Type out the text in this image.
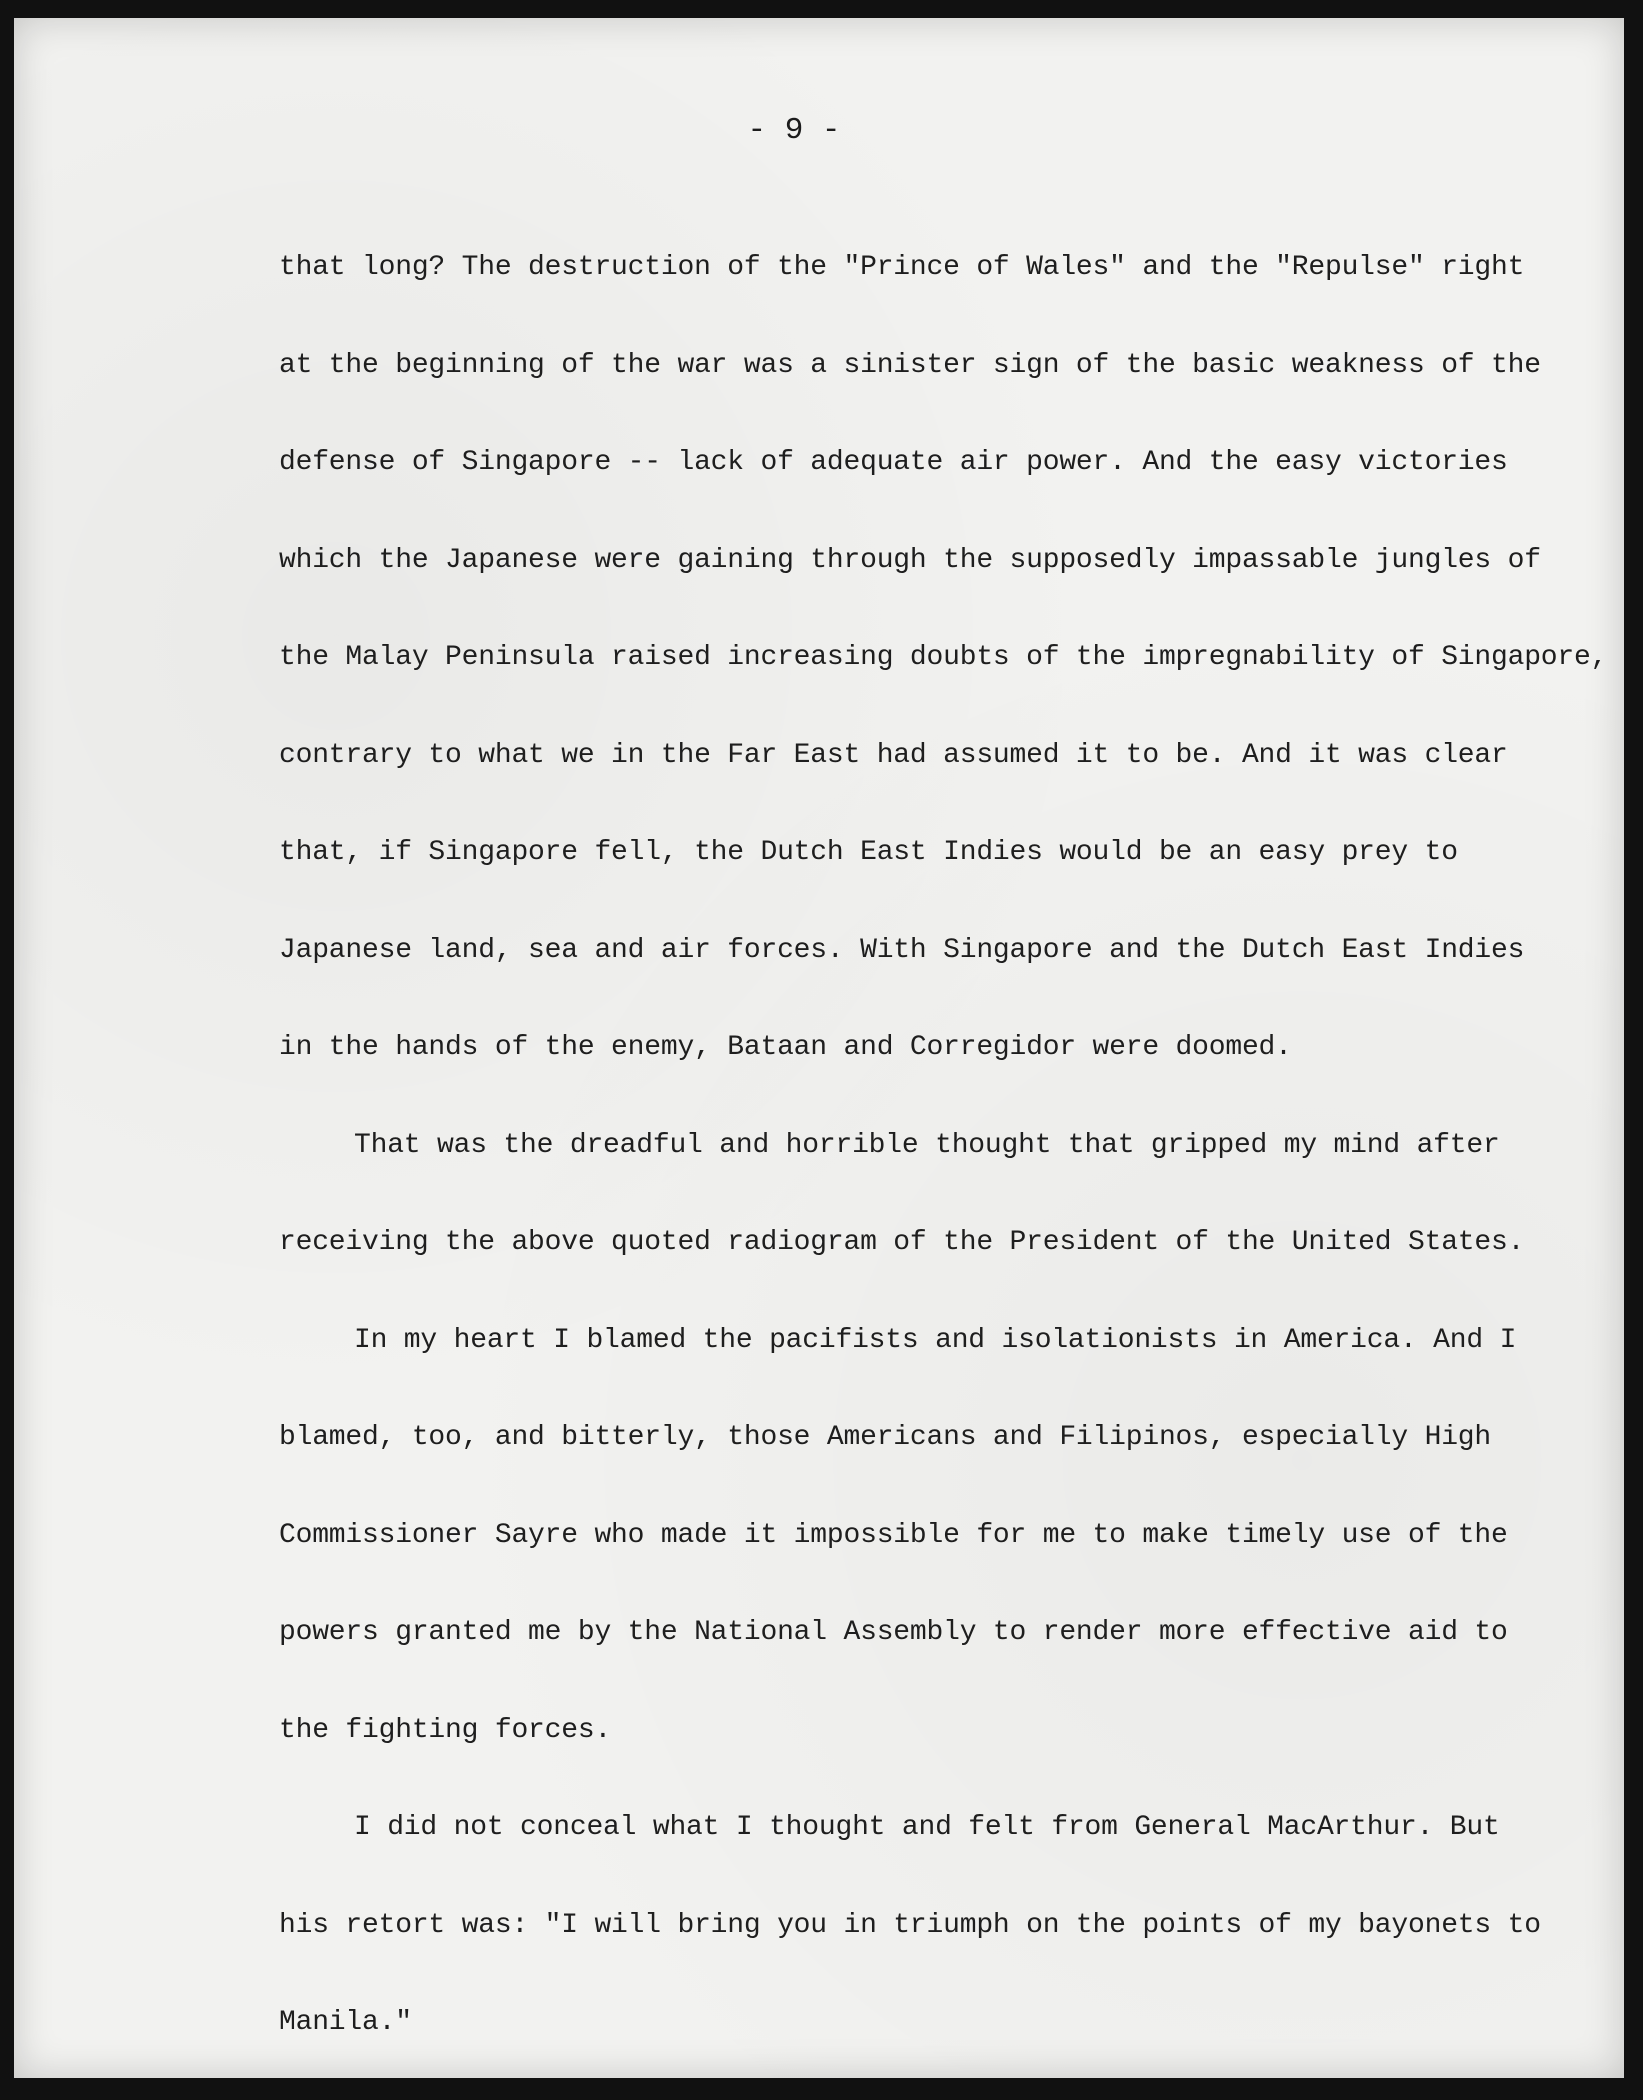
- 9 -
that long? The destruction of the "Prince of Wales" and the "Repulse" right
at the beginning of the war was a sinister sign of the basic weakness of the
defense of Singapore -- lack of adequate air power. And the easy victories
which the Japanese were gaining through the supposedly impassable jungles of
the Malay Peninsula raised increasing doubts of the impregnability of Singapore,
contrary to what we in the Far East had assumed it to be. And it was clear
that, if Singapore fell, the Dutch East Indies would be an easy prey to
Japanese land, sea and air forces. With Singapore and the Dutch East Indies
in the hands of the enemy, Bataan and Corregidor were doomed.
That was the dreadful and horrible thought that gripped my mind after
receiving the above quoted radiogram of the President of the United States.
In my heart I blamed the pacifists and isolationists in America. And I
blamed, too, and bitterly, those Americans and Filipinos, especially High
Commissioner Sayre who made it impossible for me to make timely use of the
powers granted me by the National Assembly to render more effective aid to
the fighting forces.
I did not conceal what I thought and felt from General MacArthur. But
his retort was: "I will bring you in triumph on the points of my bayonets to
Manila."
